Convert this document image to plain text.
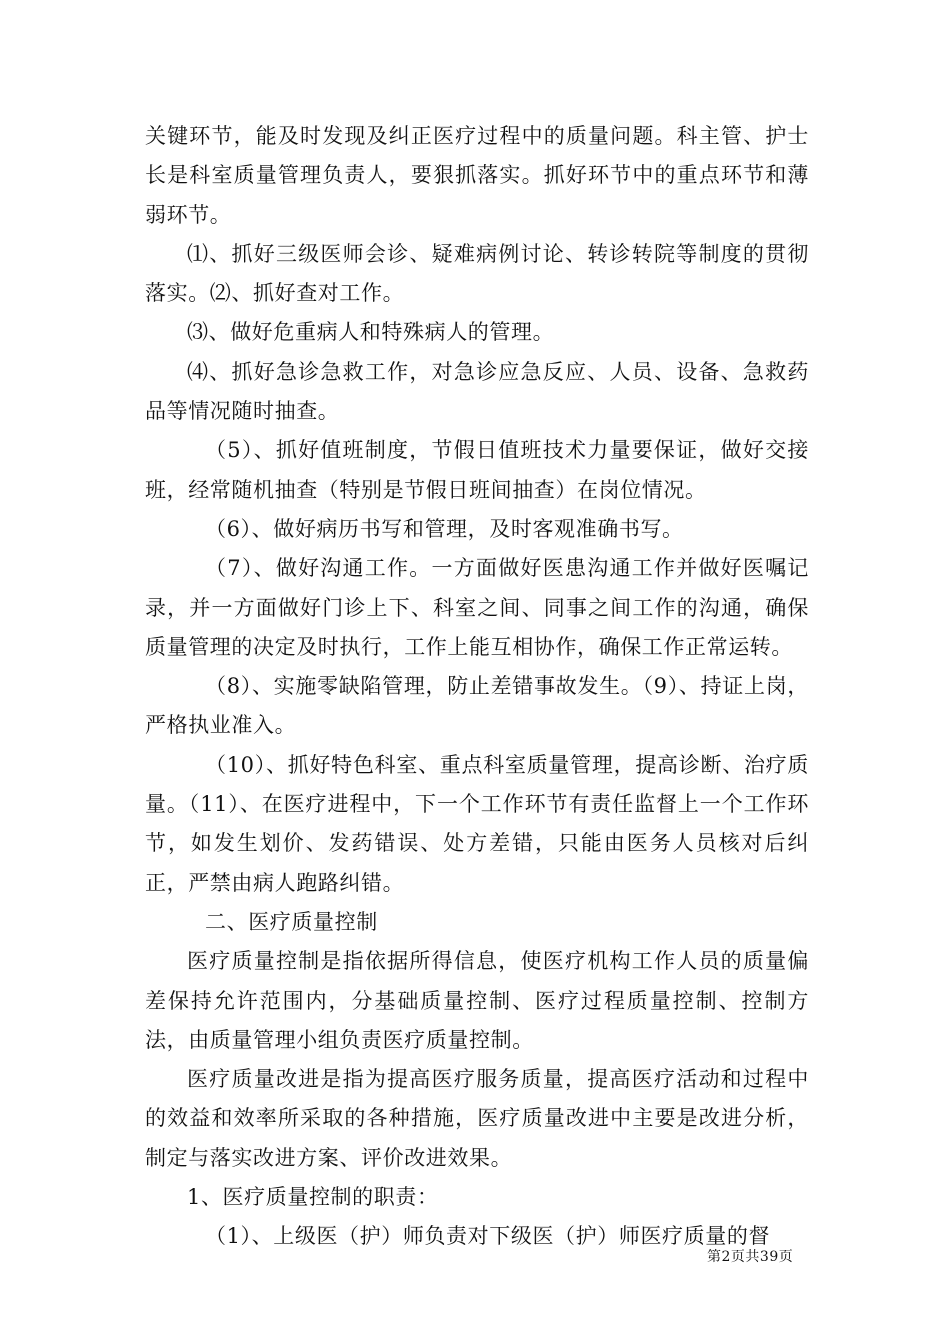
关键环节，能及时发现及纠正医疗过程中的质量问题。科主管、护士长是科室质量管理负责人，要狠抓落实。抓好环节中的重点环节和薄弱环节。

⑴、抓好三级医师会诊、疑难病例讨论、转诊转院等制度的贯彻落实。⑵、抓好查对工作。

⑶、做好危重病人和特殊病人的管理。

⑷、抓好急诊急救工作，对急诊应急反应、人员、设备、急救药品等情况随时抽查。

（5）、抓好值班制度，节假日值班技术力量要保证，做好交接班，经常随机抽查（特别是节假日班间抽查）在岗位情况。

（6）、做好病历书写和管理，及时客观准确书写。

（7）、做好沟通工作。一方面做好医患沟通工作并做好医嘱记录，并一方面做好门诊上下、科室之间、同事之间工作的沟通，确保质量管理的决定及时执行，工作上能互相协作，确保工作正常运转。

（8）、实施零缺陷管理，防止差错事故发生。（9）、持证上岗，严格执业准入。

（10）、抓好特色科室、重点科室质量管理，提高诊断、治疗质量。（11）、在医疗进程中，下一个工作环节有责任监督上一个工作环节，如发生划价、发药错误、处方差错，只能由医务人员核对后纠正，严禁由病人跑路纠错。

二、医疗质量控制

医疗质量控制是指依据所得信息，使医疗机构工作人员的质量偏差保持允许范围内，分基础质量控制、医疗过程质量控制、控制方法，由质量管理小组负责医疗质量控制。

医疗质量改进是指为提高医疗服务质量，提高医疗活动和过程中的效益和效率所采取的各种措施，医疗质量改进中主要是改进分析，制定与落实改进方案、评价改进效果。

1、医疗质量控制的职责：

（1）、上级医（护）师负责对下级医（护）师医疗质量的督

第2页共39页
